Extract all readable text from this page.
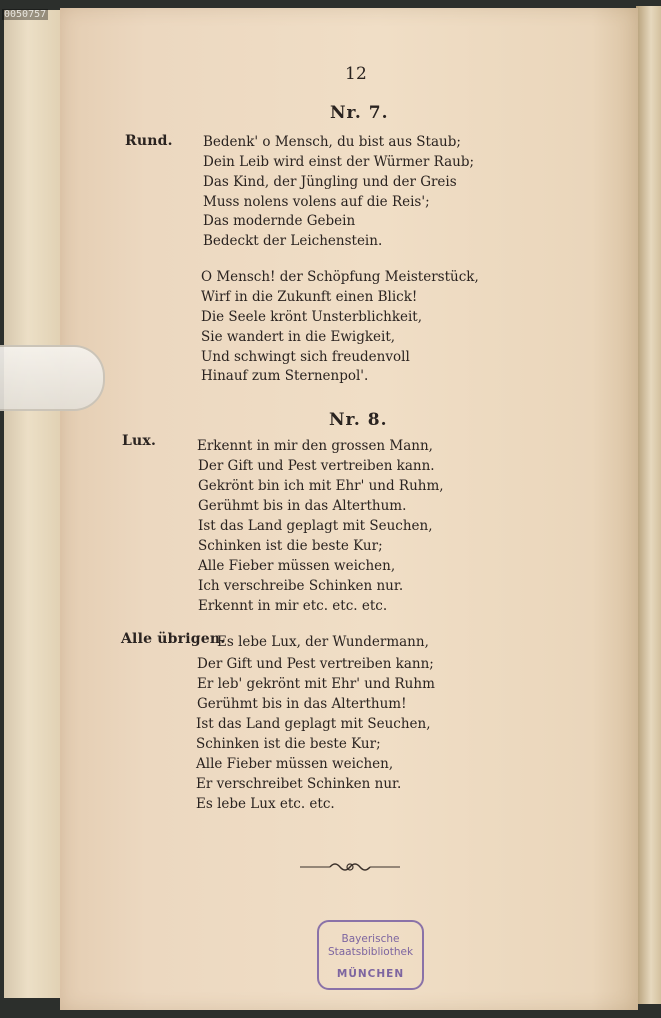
0050757
12
Nr. 7.
Rund. Bedenk' o Mensch, du bist aus Staub;
Dein Leib wird einst der Würmer Raub;
Das Kind, der Jüngling und der Greis
Muss nolens volens auf die Reis';
Das modernde Gebein
Bedeckt der Leichenstein.
O Mensch! der Schöpfung Meisterstück,
Wirf in die Zukunft einen Blick!
Die Seele krönt Unsterblichkeit,
Sie wandert in die Ewigkeit,
Und schwingt sich freudenvoll
Hinauf zum Sternenpol'.
Nr. 8.
Lux.	Erkennt in mir den grossen Mann,
Der Gift und Pest vertreiben kann.
Gekrönt bin ich mit Ehr' und Ruhm,
Gerühmt bis in das Alterthum.
Ist das Land geplagt mit Seuchen,
Schinken ist die beste Kur;
Alle Fieber müssen weichen,
Ich verschreibe Schinken nur.
Erkennt in mir etc. etc. etc.
Alle übrigen.
Es lebe Lux, der Wundermann,
Der Gift und Pest vertreiben kann;
Er leb' gekrönt mit Ehr' und Ruhm
Gerühmt bis in das Alterthum!
Ist das Land geplagt mit Seuchen,
Schinken ist die beste Kur;
Alle Fieber müssen weichen,
Er verschreibet Schinken nur.
Es lebe Lux etc. etc.
Bayerische
Staatsbibliothek
MÜNCHEN
